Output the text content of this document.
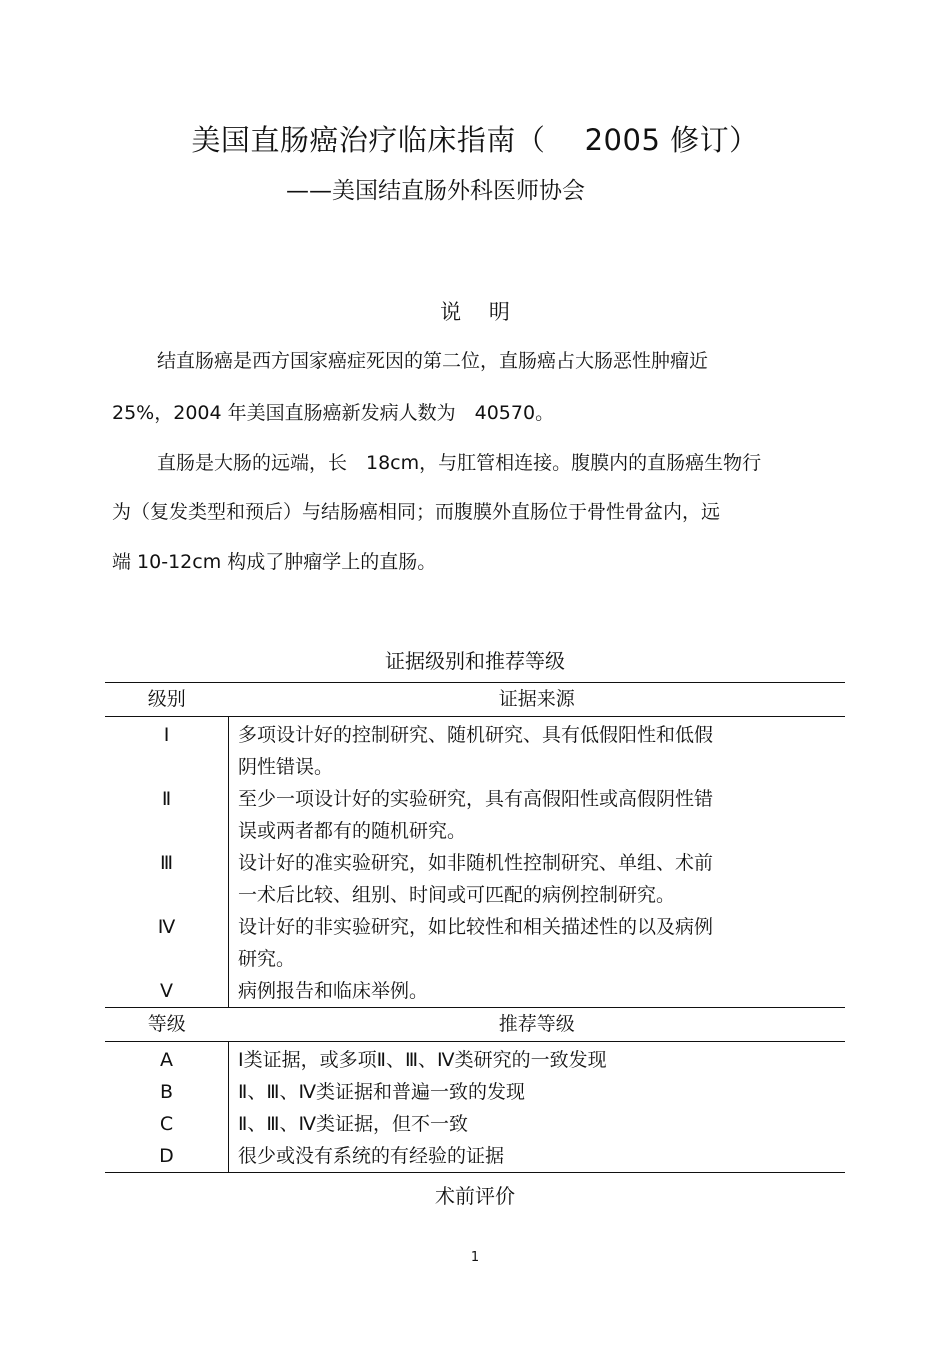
美国直肠癌治疗临床指南（　 2005 修订）
——美国结直肠外科医师协会
说　 明
结直肠癌是西方国家癌症死因的第二位，直肠癌占大肠恶性肿瘤近
25%，2004 年美国直肠癌新发病人数为　40570。
直肠是大肠的远端，长　18cm，与肛管相连接。腹膜内的直肠癌生物行
为（复发类型和预后）与结肠癌相同；而腹膜外直肠位于骨性骨盆内，远
端 10-12cm 构成了肿瘤学上的直肠。
证据级别和推荐等级
级别	证据来源
Ⅰ	多项设计好的控制研究、随机研究、具有低假阳性和低假
阴性错误。

Ⅱ	至少一项设计好的实验研究，具有高假阳性或高假阴性错
误或两者都有的随机研究。

Ⅲ	设计好的准实验研究，如非随机性控制研究、单组、术前
一术后比较、组别、时间或可匹配的病例控制研究。

Ⅳ	设计好的非实验研究，如比较性和相关描述性的以及病例
研究。

Ⅴ	病例报告和临床举例。

等级	推荐等级
A	Ⅰ类证据，或多项Ⅱ、Ⅲ、Ⅳ类研究的一致发现
B	Ⅱ、Ⅲ、Ⅳ类证据和普遍一致的发现
C	Ⅱ、Ⅲ、Ⅳ类证据，但不一致
D	很少或没有系统的有经验的证据
术前评价
1
